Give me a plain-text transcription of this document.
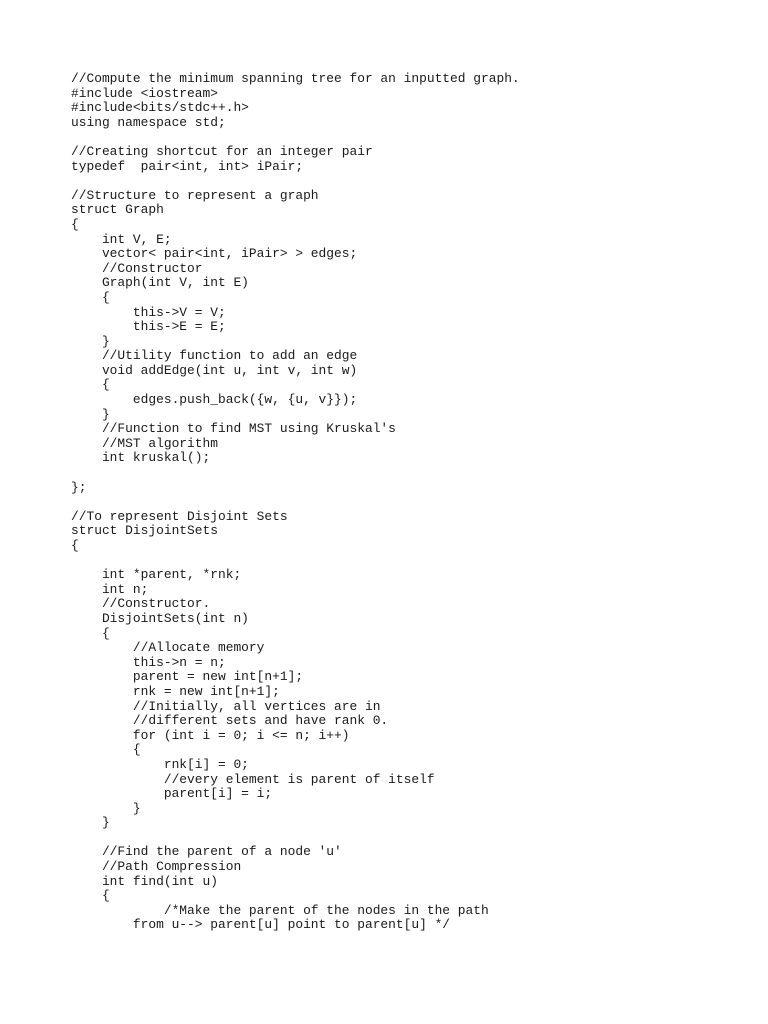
//Compute the minimum spanning tree for an inputted graph.
#include <iostream>
#include<bits/stdc++.h>
using namespace std;
//Creating shortcut for an integer pair
typedef  pair<int, int> iPair;
//Structure to represent a graph
struct Graph
{
int V, E;
vector< pair<int, iPair> > edges;
//Constructor
Graph(int V, int E)
{
this->V = V;
this->E = E;
}
//Utility function to add an edge
void addEdge(int u, int v, int w)
{
edges.push_back({w, {u, v}});
}
//Function to find MST using Kruskal's
//MST algorithm
int kruskal();
};
//To represent Disjoint Sets
struct DisjointSets
{
int *parent, *rnk;
int n;
//Constructor.
DisjointSets(int n)
{
//Allocate memory
this->n = n;
parent = new int[n+1];
rnk = new int[n+1];
//Initially, all vertices are in
//different sets and have rank 0.
for (int i = 0; i <= n; i++)
{
rnk[i] = 0;
//every element is parent of itself
parent[i] = i;
}
}
//Find the parent of a node 'u'
//Path Compression
int find(int u)
{
/*Make the parent of the nodes in the path
from u--> parent[u] point to parent[u] */
